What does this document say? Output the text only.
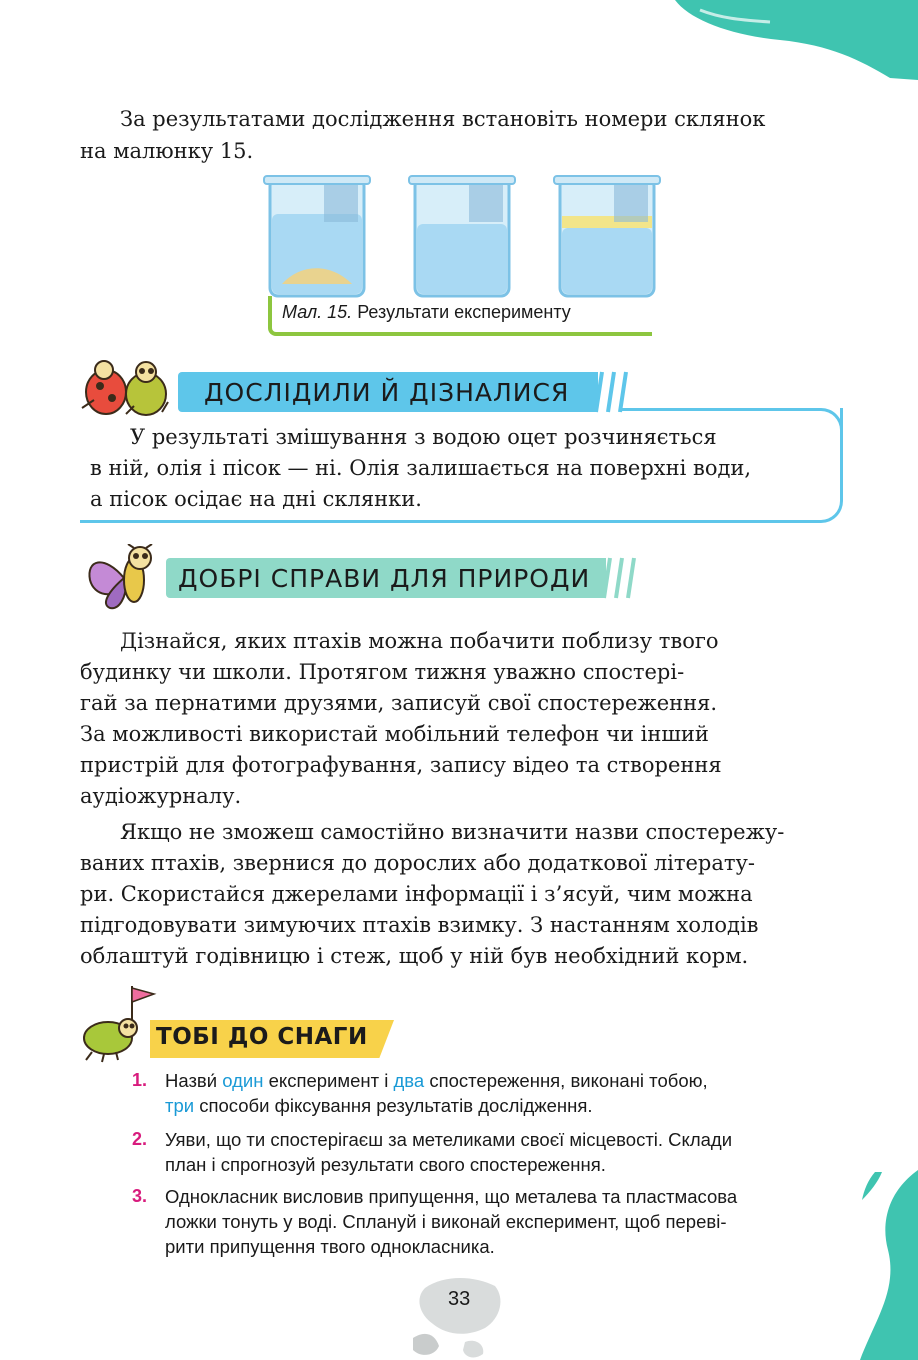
За результатами дослідження встановіть номери склянок

на малюнку 15.

Мал. 15. Результати експерименту
ДОСЛІДИЛИ Й ДІЗНАЛИСЯ

У результаті змішування з водою оцет розчиняється

в ній, олія і пісок — ні. Олія залишається на поверхні води,

а пісок осідає на дні склянки.

ДОБРІ СПРАВИ ДЛЯ ПРИРОДИ

Дізнайся, яких птахів можна побачити поблизу твого

будинку чи школи. Протягом тижня уважно спостері-

гай за пернатими друзями, записуй свої спостереження.

За можливості використай мобільний телефон чи інший

пристрій для фотографування, запису відео та створення

аудіожурналу.

Якщо не зможеш самостійно визначити назви спостережу-

ваних птахів, звернися до дорослих або додаткової літерату-

ри. Скористайся джерелами інформації і з’ясуй, чим можна

підгодовувати зимуючих птахів взимку. З настанням холодів

облаштуй годівницю і стеж, щоб у ній був необхідний корм.

ТОБІ ДО СНАГИ
1. Назви́ один експеримент і два спостереження, виконані тобою,
три способи фіксування результатів дослідження.
2. Уяви, що ти спостерігаєш за метеликами своєї місцевості. Склади
план і спрогнозуй результати свого спостереження.
3. Однокласник висловив припущення, що металева та пластмасова
ложки тонуть у воді. Сплануй і виконай експеримент, щоб переві-
рити припущення твого однокласника.
33
